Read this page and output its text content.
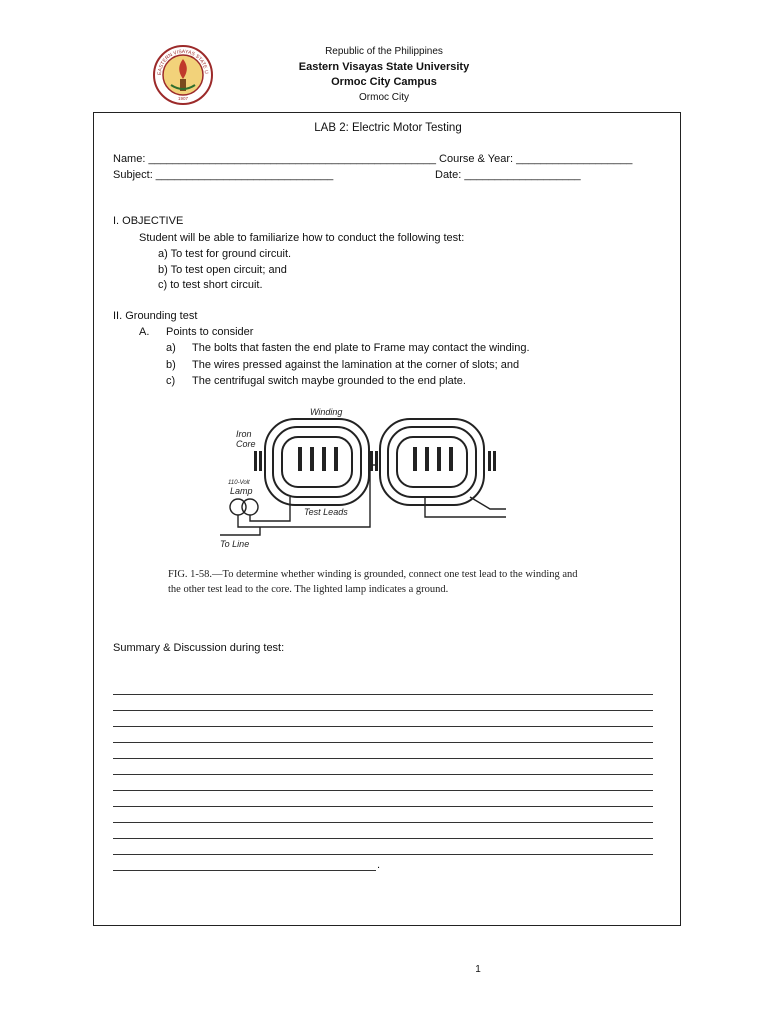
EASTERN VISAYAS STATE U
1907
Republic of the Philippines
Eastern Visayas State University
Ormoc City Campus
Ormoc City
LAB 2: Electric Motor Testing
Name: _______________________________________________ Course & Year: ___________________
Subject: _____________________________	Date: ___________________
I. OBJECTIVE
Student will be able to familiarize how to conduct the following test:
a) To test for ground circuit.
b) To test open circuit; and
c) to test short circuit.
II. Grounding test
A. Points to consider
a) The bolts that fasten the end plate to Frame may contact the winding.
b) The wires pressed against the lamination at the corner of slots; and
c) The centrifugal switch maybe grounded to the end plate.
Winding
Iron
Core
110-Volt
Lamp
Test Leads
To Line
FIG. 1-58.—To determine whether winding is grounded, connect one test lead to the winding and the other test lead to the core. The lighted lamp indicates a ground.
Summary & Discussion during test:
.
1
